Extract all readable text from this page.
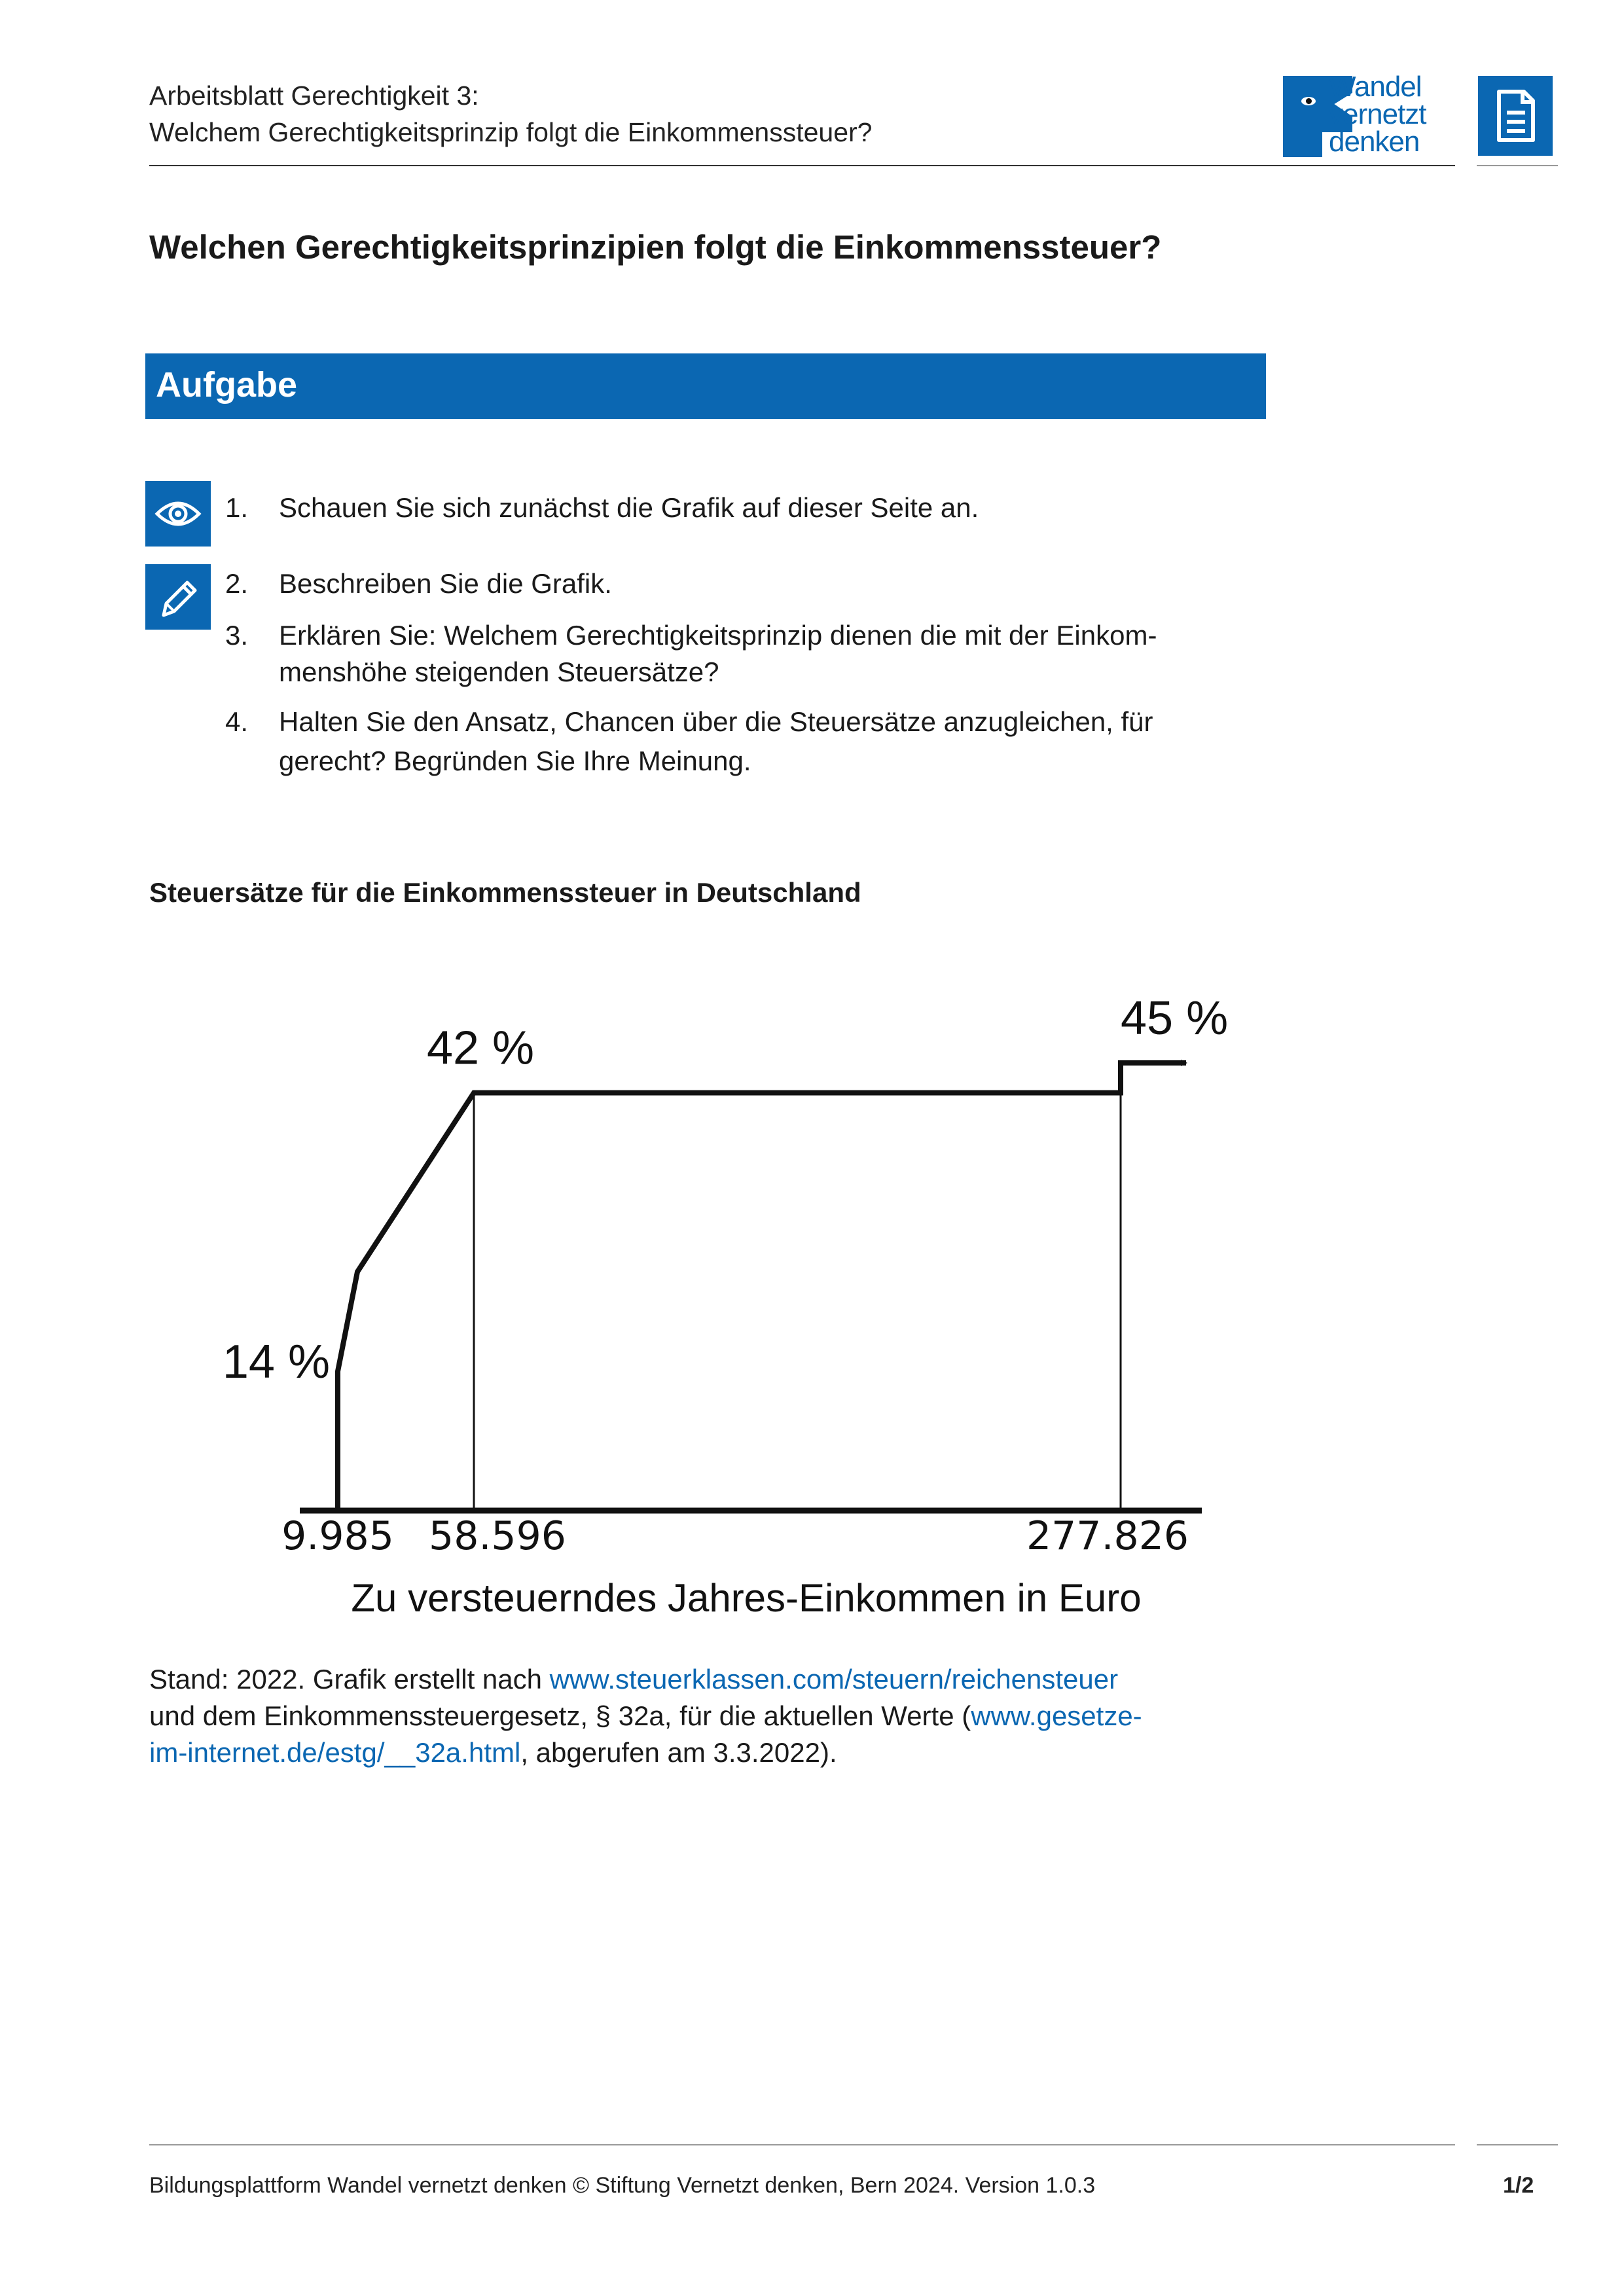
Arbeitsblatt Gerechtigkeit 3:
Welchem Gerechtigkeitsprinzip folgt die Einkommenssteuer?
Wandel
vernetzt
denken
Welchen Gerechtigkeitsprinzipien folgt die Einkommenssteuer?
Aufgabe
1.	Schauen Sie sich zunächst die Grafik auf dieser Seite an.
2.	Beschreiben Sie die Grafik.
3.	Erklären Sie: Welchem Gerechtigkeitsprinzip dienen die mit der Einkom-
menshöhe steigenden Steuersätze?
4.	Halten Sie den Ansatz, Chancen über die Steuersätze anzugleichen, für
gerecht? Begründen Sie Ihre Meinung.
Steuersätze für die Einkommenssteuer in Deutschland
14 %
42 %
45 %
9.985 58.596	277.826
Zu versteuerndes Jahres-Einkommen in Euro
Stand: 2022. Grafik erstellt nach www.steuerklassen.com/steuern/reichensteuer
und dem Einkommenssteuergesetz, § 32a, für die aktuellen Werte (www.gesetze-
im-internet.de/estg/__32a.html, abgerufen am 3.3.2022).
Bildungsplattform Wandel vernetzt denken © Stiftung Vernetzt denken, Bern 2024. Version 1.0.3	1/2
